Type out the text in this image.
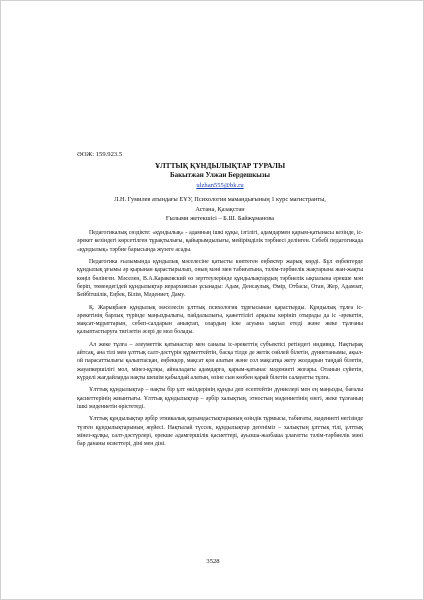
ӘОЖ: 159.923.5
ҰЛТТЫҚ ҚҰНДЫЛЫҚТАР ТУРАЛЫ
Бакытжан Улжан Бердешкызы
ulzhan555@bk.ru
Л.Н. Гумилев атындағы ЕҰУ, Психология мамандығының 1 курс магистранты,
Астана, Қазақстан
Ғылыми жетекшісі – Б.Ш. Байжұманова

Педагогикалық сөздікте: «құндылық» - адамның ішкі құқы, ізгілігі, адамдармен қарым-қатынасы кезінде, іс-әрекет кезіндегі көрсетілген тұрақтылығы, қайырымдылығы, мейірімділік тәрбиесі делінген. Себебі педагогикада «құндылық» тәрбие барысында жүзеге асады.

Педагогика ғылымында құндылық мәселесіне қатысты көптеген еңбектер жарық көрді. Бұл еңбектерде құндылық ұғымы әр қырынан қарастырылып, оның мәні мен табиғатына, тәлім-тәрбиелік жақтарына жан-жақты көңіл бөлінген. Мәселен, В.А.Караковский өз зерттеулерінде құндылықтардың тәрбиелік ықпалына ерекше мән беріп, төмендегідей құндылықтар иерархиясын ұсынады: Адам, Денсаулық, Өмір, Отбасы, Отан, Жер, Адамзат, Бейбітшілік, Еңбек, Білім, Мәдениет, Даму.

Қ. Жарықбаев құндылық мәселесін ұлттық психология тұрғысынан қарастырды. Құндылық тұлға іс-әрекетінің барлық түрінде маңыздылығы, пайдалылығы, қажеттілігі арқылы көрініп отырады да іс -әрекетін, мақсат-мұраттарын, себеп-салдарын анықтап, олардың іске асуына ықпал етеді және жеке тұлғаны қалыптастыруға тигізетін әсері де мол болады.

Ал жеке тұлға – әлеуметтік қатынастар мен саналы іс-әрекеттің субъектісі ретіндегі индивид. Нақтырақ айтсақ, ана тілі мен ұлттық салт-дәстүрін құрметтейтін, басқа тілде де жетік сөйлей білетін, дүниетанымы, ақыл-ой парасаттылығы қалыптасқан, еңбекқор, мақсат қоя алатын және сол мақсатқа жету жолдарын таңдай білетін, жауапкершілігі мол, мінез-құлқы, айналадағы адамдарға, қарым-қатынас мәдениеті жоғары. Отанын сүйетін, күрделі жағдайларда нақты шешім қабылдай алатын, өзіне сын көзбен қарай білетін салауатты тұлға.

Ұлттық құндылықтар – нақты бір ұлт өкілдерінің құнды деп есептейтін дүниелері мен ең маңызды, бағалы қасиеттерінің жиынтығы. Ұлттық құндылықтар – әрбір халықтың, этностың мәдениетінің өзегі, жеке тұлғаның ішкі мәдениетін өрістетеді.

Ұлттық құндылықтар әрбір этникалық қауымдастықтарының өзіндік тұрмысы, табиғаты, мәдениеті негізінде түзген құндылықтарының жүйесі. Нақтылай түссек, құндылықтар дегеніміз – халықтың ұлттық тілі, ұлттық мінез-құлқы, салт-дәстүрлері, ерекше адамгершілік қасиеттері, ауызша-жазбаша ұлағатты тәлім-тәрбиелік мәні бар дананы өсиеттері, діні мен діні.

3528
